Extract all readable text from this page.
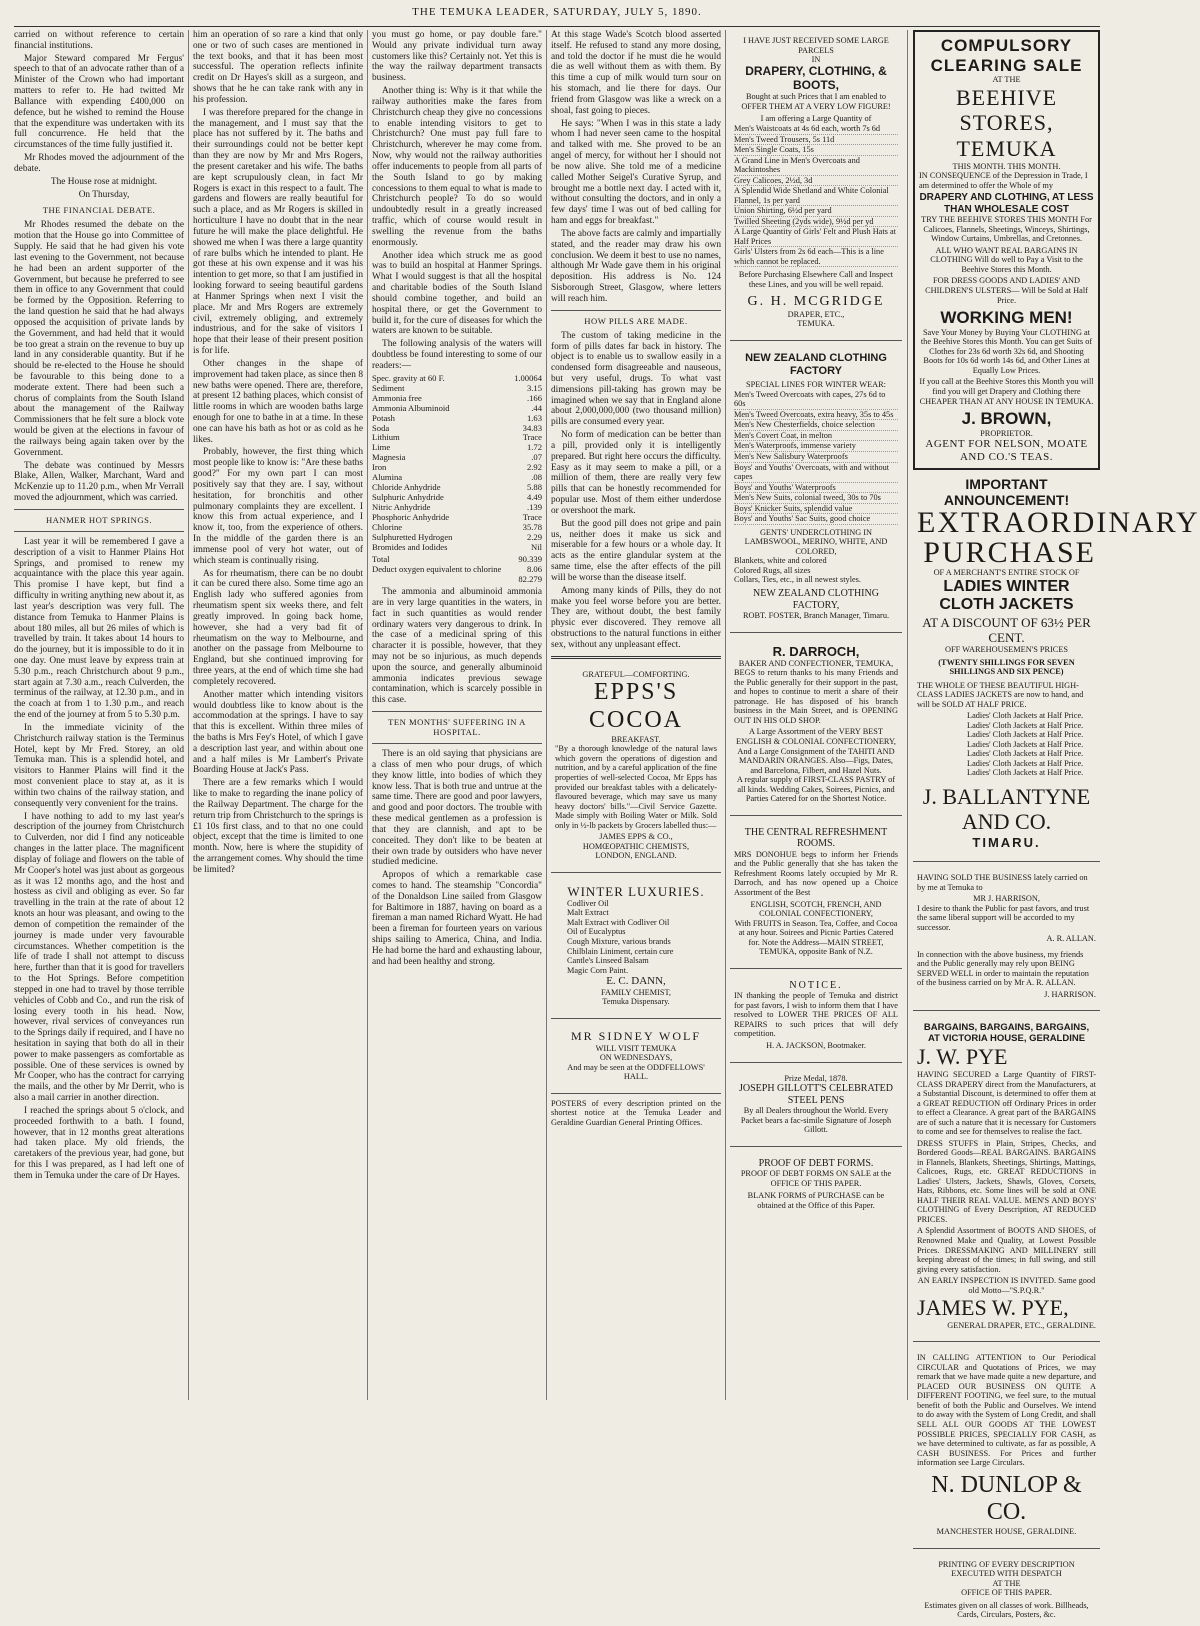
THE TEMUKA LEADER, SATURDAY, JULY 5, 1890.

carried on without reference to certain financial institutions.

Major Steward compared Mr Fergus' speech to that of an advocate rather than of a Minister of the Crown who had important matters to refer to. He had twitted Mr Ballance with expending £400,000 on defence, but he wished to remind the House that the expenditure was undertaken with its full concurrence. He held that the circumstances of the time fully justified it.

Mr Rhodes moved the adjournment of the debate.

The House rose at midnight.

On Thursday,

THE FINANCIAL DEBATE.

Mr Rhodes resumed the debate on the motion that the House go into Committee of Supply. He said that he had given his vote last evening to the Government, not because he had been an ardent supporter of the Government, but because he preferred to see them in office to any Government that could be formed by the Opposition. Referring to the land question he said that he had always opposed the acquisition of private lands by the Government, and had held that it would be too great a strain on the revenue to buy up land in any considerable quantity. But if he should be re-elected to the House he should be favourable to this being done to a moderate extent. There had been such a chorus of complaints from the South Island about the management of the Railway Commissioners that he felt sure a block vote would be given at the elections in favour of the railways being again taken over by the Government.

The debate was continued by Messrs Blake, Allen, Walker, Marchant, Ward and McKenzie up to 11.20 p.m., when Mr Verrall moved the adjournment, which was carried.

HANMER HOT SPRINGS.

Last year it will be remembered I gave a description of a visit to Hanmer Plains Hot Springs, and promised to renew my acquaintance with the place this year again. This promise I have kept, but find a difficulty in writing anything new about it, as last year's description was very full. The distance from Temuka to Hanmer Plains is about 180 miles, all but 26 miles of which is travelled by train. It takes about 14 hours to do the journey, but it is impossible to do it in one day. One must leave by express train at 5.30 p.m., reach Christchurch about 9 p.m., start again at 7.30 a.m., reach Culverden, the terminus of the railway, at 12.30 p.m., and in the coach at from 1 to 1.30 p.m., and reach the end of the journey at from 5 to 5.30 p.m.

In the immediate vicinity of the Christchurch railway station is the Terminus Hotel, kept by Mr Fred. Storey, an old Temuka man. This is a splendid hotel, and visitors to Hanmer Plains will find it the most convenient place to stay at, as it is within two chains of the railway station, and consequently very convenient for the trains.

I have nothing to add to my last year's description of the journey from Christchurch to Culverden, nor did I find any noticeable changes in the latter place. The magnificent display of foliage and flowers on the table of Mr Cooper's hotel was just about as gorgeous as it was 12 months ago, and the host and hostess as civil and obliging as ever. So far travelling in the train at the rate of about 12 knots an hour was pleasant, and owing to the demon of competition the remainder of the journey is made under very favourable circumstances. Whether competition is the life of trade I shall not attempt to discuss here, further than that it is good for travellers to the Hot Springs. Before competition stepped in one had to travel by those terrible vehicles of Cobb and Co., and run the risk of losing every tooth in his head. Now, however, rival services of conveyances run to the Springs daily if required, and I have no hesitation in saying that both do all in their power to make passengers as comfortable as possible. One of these services is owned by Mr Cooper, who has the contract for carrying the mails, and the other by Mr Derrit, who is also a mail carrier in another direction.

I reached the springs about 5 o'clock, and proceeded forthwith to a bath. I found, however, that in 12 months great alterations had taken place. My old friends, the caretakers of the previous year, had gone, but for this I was prepared, as I had left one of them in Temuka under the care of Dr Hayes.

him an operation of so rare a kind that only one or two of such cases are mentioned in the text books, and that it has been most successful. The operation reflects infinite credit on Dr Hayes's skill as a surgeon, and shows that he he can take rank with any in his profession.

I was therefore prepared for the change in the management, and I must say that the place has not suffered by it. The baths and their surroundings could not be better kept than they are now by Mr and Mrs Rogers, the present caretaker and his wife. The baths are kept scrupulously clean, in fact Mr Rogers is exact in this respect to a fault. The gardens and flowers are really beautiful for such a place, and as Mr Rogers is skilled in horticulture I have no doubt that in the near future he will make the place delightful. He showed me when I was there a large quantity of rare bulbs which he intended to plant. He got these at his own expense and it was his intention to get more, so that I am justified in looking forward to seeing beautiful gardens at Hanmer Springs when next I visit the place. Mr and Mrs Rogers are extremely civil, extremely obliging, and extremely industrious, and for the sake of visitors I hope that their lease of their present position is for life.

Other changes in the shape of improvement had taken place, as since then 8 new baths were opened. There are, therefore, at present 12 bathing places, which consist of little rooms in which are wooden baths large enough for one to bathe in at a time. In these one can have his bath as hot or as cold as he likes.

Probably, however, the first thing which most people like to know is: "Are these baths good?" For my own part I can most positively say that they are. I say, without hesitation, for bronchitis and other pulmonary complaints they are excellent. I know this from actual experience, and I know it, too, from the experience of others. In the middle of the garden there is an immense pool of very hot water, out of which steam is continually rising.

As for rheumatism, there can be no doubt it can be cured there also. Some time ago an English lady who suffered agonies from rheumatism spent six weeks there, and felt greatly improved. In going back home, however, she had a very bad fit of rheumatism on the way to Melbourne, and another on the passage from Melbourne to England, but she continued improving for three years, at the end of which time she had completely recovered.

Another matter which intending visitors would doubtless like to know about is the accommodation at the springs. I have to say that this is excellent. Within three miles of the baths is Mrs Fey's Hotel, of which I gave a description last year, and within about one and a half miles is Mr Lambert's Private Boarding House at Jack's Pass.

There are a few remarks which I would like to make to regarding the inane policy of the Railway Department. The charge for the return trip from Christchurch to the springs is £1 10s first class, and to that no one could object, except that the time is limited to one month. Now, here is where the stupidity of the arrangement comes. Why should the time be limited?

you must go home, or pay double fare." Would any private individual turn away customers like this? Certainly not. Yet this is the way the railway department transacts business.

Another thing is: Why is it that while the railway authorities make the fares from Christchurch cheap they give no concessions to enable intending visitors to get to Christchurch? One must pay full fare to Christchurch, wherever he may come from. Now, why would not the railway authorities offer inducements to people from all parts of the South Island to go by making concessions to them equal to what is made to Christchurch people? To do so would undoubtedly result in a greatly increased traffic, which of course would result in swelling the revenue from the baths enormously.

Another idea which struck me as good was to build an hospital at Hanmer Springs. What I would suggest is that all the hospital and charitable bodies of the South Island should combine together, and build an hospital there, or get the Government to build it, for the cure of diseases for which the waters are known to be suitable.

The following analysis of the waters will doubtless be found interesting to some of our readers:—

Spec. gravity at 60 F.	1.00064
Sediment	3.15
Ammonia free	.166
Ammonia Albuminoid	.44
Potash	1.63
Soda	34.83
Lithium	Trace
Lime	1.72
Magnesia	.07
Iron	2.92
Alumina	.08
Chloride Anhydride	5.88
Sulphuric Anhydride	4.49
Nitric Anhydride	.139
Phosphoric Anhydride	Trace
Chlorine	35.78
Sulphuretted Hydrogen	2.29
Bromides and Iodides	Nil
Total	90.339
Deduct oxygen equivalent to chlorine	8.06
	82.279

The ammonia and albuminoid ammonia are in very large quantities in the waters, in fact in such quantities as would render ordinary waters very dangerous to drink. In the case of a medicinal spring of this character it is possible, however, that they may not be so injurious, as much depends upon the source, and generally albuminoid ammonia indicates previous sewage contamination, which is scarcely possible in this case.

TEN MONTHS' SUFFERING IN A HOSPITAL.

There is an old saying that physicians are a class of men who pour drugs, of which they know little, into bodies of which they know less. That is both true and untrue at the same time. There are good and poor lawyers, and good and poor doctors. The trouble with these medical gentlemen as a profession is that they are clannish, and apt to be conceited. They don't like to be beaten at their own trade by outsiders who have never studied medicine.

Apropos of which a remarkable case comes to hand. The steamship "Concordia" of the Donaldson Line sailed from Glasgow for Baltimore in 1887, having on board as a fireman a man named Richard Wyatt. He had been a fireman for fourteen years on various ships sailing to America, China, and India. He had borne the hard and exhausting labour, and had been healthy and strong.

At this stage Wade's Scotch blood asserted itself. He refused to stand any more dosing, and told the doctor if he must die he would die as well without them as with them. By this time a cup of milk would turn sour on his stomach, and lie there for days. Our friend from Glasgow was like a wreck on a shoal, fast going to pieces.

He says: "When I was in this state a lady whom I had never seen came to the hospital and talked with me. She proved to be an angel of mercy, for without her I should not be now alive. She told me of a medicine called Mother Seigel's Curative Syrup, and brought me a bottle next day. I acted with it, without consulting the doctors, and in only a few days' time I was out of bed calling for ham and eggs for breakfast."

The above facts are calmly and impartially stated, and the reader may draw his own conclusion. We deem it best to use no names, although Mr Wade gave them in his original deposition. His address is No. 124 Sisborough Street, Glasgow, where letters will reach him.

HOW PILLS ARE MADE.

The custom of taking medicine in the form of pills dates far back in history. The object is to enable us to swallow easily in a condensed form disagreeable and nauseous, but very useful, drugs. To what vast dimensions pill-taking has grown may be imagined when we say that in England alone about 2,000,000,000 (two thousand million) pills are consumed every year.

No form of medication can be better than a pill, provided only it is intelligently prepared. But right here occurs the difficulty. Easy as it may seem to make a pill, or a million of them, there are really very few pills that can be honestly recommended for popular use. Most of them either underdose or overshoot the mark.

But the good pill does not gripe and pain us, neither does it make us sick and miserable for a few hours or a whole day. It acts as the entire glandular system at the same time, else the after effects of the pill will be worse than the disease itself.

Among many kinds of Pills, they do not make you feel worse before you are better. They are, without doubt, the best family physic ever discovered. They remove all obstructions to the natural functions in either sex, without any unpleasant effect.

GRATEFUL—COMFORTING.
EPPS'S COCOA
BREAKFAST.

"By a thorough knowledge of the natural laws which govern the operations of digestion and nutrition, and by a careful application of the fine properties of well-selected Cocoa, Mr Epps has provided our breakfast tables with a delicately-flavoured beverage, which may save us many heavy doctors' bills."—Civil Service Gazette. Made simply with Boiling Water or Milk. Sold only in ½-lb packets by Grocers labelled thus:—

JAMES EPPS & CO.,
HOMŒOPATHIC CHEMISTS,
LONDON, ENGLAND.
WINTER LUXURIES.
Codliver Oil
Malt Extract
Malt Extract with Codliver Oil
Oil of Eucalyptus
Cough Mixture, various brands
Chilblain Liniment, certain cure
Cantle's Linseed Balsam
Magic Corn Paint.
E. C. DANN,
FAMILY CHEMIST,
Temuka Dispensary.
MR SIDNEY WOLF
WILL VISIT TEMUKA
ON WEDNESDAYS,
And may be seen at the ODDFELLOWS' HALL.

POSTERS of every description printed on the shortest notice at the Temuka Leader and Geraldine Guardian General Printing Offices.

I HAVE JUST RECEIVED SOME LARGE PARCELS
IN
DRAPERY, CLOTHING, & BOOTS,
Bought at such Prices that I am enabled to OFFER THEM AT A VERY LOW FIGURE!
I am offering a Large Quantity of
Men's Waistcoats at 4s 6d each, worth 7s 6d
Men's Tweed Trousers, 5s 11d
Men's Single Coats, 15s
A Grand Line in Men's Overcoats and Mackintoshes
Grey Calicoes, 2½d, 3d
A Splendid Wide Shetland and White Colonial Flannel, 1s per yard
Union Shirting, 6½d per yard
Twilled Sheeting (2yds wide), 9½d per yd
A Large Quantity of Girls' Felt and Plush Hats at Half Prices
Girls' Ulsters from 2s 6d each—This is a line which cannot be replaced.
Before Purchasing Elsewhere Call and Inspect these Lines, and you will be well repaid.
G. H. MCGRIDGE
DRAPER, ETC.,
TEMUKA.
NEW ZEALAND CLOTHING FACTORY
SPECIAL LINES FOR WINTER WEAR:
Men's Tweed Overcoats with capes, 27s 6d to 60s
Men's Tweed Overcoats, extra heavy, 35s to 45s
Men's New Chesterfields, choice selection
Men's Covert Coat, in melton
Men's Waterproofs, immense variety
Men's New Salisbury Waterproofs
Boys' and Youths' Overcoats, with and without capes
Boys' and Youths' Waterproofs
Men's New Suits, colonial tweed, 30s to 70s
Boys' Knicker Suits, splendid value
Boys' and Youths' Sac Suits, good choice
GENTS' UNDERCLOTHING IN LAMBSWOOL, MERINO, WHITE, AND COLORED,
Blankets, white and colored
Colored Rugs, all sizes
Collars, Ties, etc., in all newest styles.
NEW ZEALAND CLOTHING FACTORY,
ROBT. FOSTER, Branch Manager, Timaru.
R. DARROCH,
BAKER AND CONFECTIONER, TEMUKA,

BEGS to return thanks to his many Friends and the Public generally for their support in the past, and hopes to continue to merit a share of their patronage. He has disposed of his branch business in the Main Street, and is OPENING OUT IN HIS OLD SHOP.

A Large Assortment of the VERY BEST ENGLISH & COLONIAL CONFECTIONERY,
And a Large Consignment of the TAHITI AND MANDARIN ORANGES. Also—Figs, Dates, and Barcelona, Filbert, and Hazel Nuts.
A regular supply of FIRST-CLASS PASTRY of all kinds. Wedding Cakes, Soirees, Picnics, and Parties Catered for on the Shortest Notice.
THE CENTRAL REFRESHMENT ROOMS.

MRS DONOHUE begs to inform her Friends and the Public generally that she has taken the Refreshment Rooms lately occupied by Mr R. Darroch, and has now opened up a Choice Assortment of the Best

ENGLISH, SCOTCH, FRENCH, AND COLONIAL CONFECTIONERY,
With FRUITS in Season. Tea, Coffee, and Cocoa at any hour. Soirees and Picnic Parties Catered for. Note the Address—MAIN STREET, TEMUKA, opposite Bank of N.Z.
NOTICE.

IN thanking the people of Temuka and district for past favors, I wish to inform them that I have resolved to LOWER THE PRICES OF ALL REPAIRS to such prices that will defy competition.

H. A. JACKSON, Bootmaker.
Prize Medal, 1878.
JOSEPH GILLOTT'S CELEBRATED STEEL PENS
By all Dealers throughout the World. Every Packet bears a fac-simile Signature of Joseph Gillott.
PROOF OF DEBT FORMS.
PROOF OF DEBT FORMS ON SALE at the OFFICE OF THIS PAPER.
BLANK FORMS of PURCHASE can be obtained at the Office of this Paper.
COMPULSORY CLEARING SALE
AT THE
BEEHIVE STORES, TEMUKA
THIS MONTH. THIS MONTH.

IN CONSEQUENCE of the Depression in Trade, I am determined to offer the Whole of my

DRAPERY AND CLOTHING, AT LESS THAN WHOLESALE COST
TRY THE BEEHIVE STORES THIS MONTH For Calicoes, Flannels, Sheetings, Winceys, Shirtings, Window Curtains, Umbrellas, and Cretonnes.
ALL WHO WANT REAL BARGAINS IN CLOTHING Will do well to Pay a Visit to the Beehive Stores this Month.
FOR DRESS GOODS AND LADIES' AND CHILDREN'S ULSTERS— Will be Sold at Half Price.
WORKING MEN!
Save Your Money by Buying Your CLOTHING at the Beehive Stores this Month. You can get Suits of Clothes for 23s 6d worth 32s 6d, and Shooting Boots for 10s 6d worth 14s 6d, and Other Lines at Equally Low Prices.
If you call at the Beehive Stores this Month you will find you will get Drapery and Clothing there CHEAPER THAN AT ANY HOUSE IN TEMUKA.
J. BROWN,
PROPRIETOR.
AGENT FOR NELSON, MOATE AND CO.'S TEAS.
IMPORTANT ANNOUNCEMENT!
EXTRAORDINARY
PURCHASE
OF A MERCHANT'S ENTIRE STOCK OF
LADIES WINTER CLOTH JACKETS
AT A DISCOUNT OF 63½ PER CENT.
OFF WAREHOUSEMEN'S PRICES
(TWENTY SHILLINGS FOR SEVEN SHILLINGS AND SIX PENCE)

THE WHOLE OF THESE BEAUTIFUL HIGH-CLASS LADIES JACKETS are now to hand, and will be SOLD AT HALF PRICE.

Ladies' Cloth Jackets at Half Price.
Ladies' Cloth Jackets at Half Price.
Ladies' Cloth Jackets at Half Price.
Ladies' Cloth Jackets at Half Price.
Ladies' Cloth Jackets at Half Price.
Ladies' Cloth Jackets at Half Price.
Ladies' Cloth Jackets at Half Price.
J. BALLANTYNE AND CO.
TIMARU.

HAVING SOLD THE BUSINESS lately carried on by me at Temuka to

MR J. HARRISON,

I desire to thank the Public for past favors, and trust the same liberal support will be accorded to my successor.

A. R. ALLAN.

In connection with the above business, my friends and the Public generally may rely upon BEING SERVED WELL in order to maintain the reputation of the business carried on by Mr A. R. ALLAN.

J. HARRISON.
BARGAINS, BARGAINS, BARGAINS, AT VICTORIA HOUSE, GERALDINE
J. W. PYE

HAVING SECURED a Large Quantity of FIRST-CLASS DRAPERY direct from the Manufacturers, at a Substantial Discount, is determined to offer them at a GREAT REDUCTION off Ordinary Prices in order to effect a Clearance. A great part of the BARGAINS are of such a nature that it is necessary for Customers to come and see for themselves to realise the fact.

DRESS STUFFS in Plain, Stripes, Checks, and Bordered Goods—REAL BARGAINS. BARGAINS in Flannels, Blankets, Sheetings, Shirtings, Mattings, Calicoes, Rugs, etc. GREAT REDUCTIONS in Ladies' Ulsters, Jackets, Shawls, Gloves, Corsets, Hats, Ribbons, etc. Some lines will be sold at ONE HALF THEIR REAL VALUE. MEN'S AND BOYS' CLOTHING of Every Description, AT REDUCED PRICES.

A Splendid Assortment of BOOTS AND SHOES, of Renowned Make and Quality, at Lowest Possible Prices. DRESSMAKING AND MILLINERY still keeping abreast of the times; in full swing, and still giving every satisfaction.

AN EARLY INSPECTION IS INVITED. Same good old Motto—"S.P.Q.R."
JAMES W. PYE,
GENERAL DRAPER, ETC., GERALDINE.

IN CALLING ATTENTION to Our Periodical CIRCULAR and Quotations of Prices, we may remark that we have made quite a new departure, and PLACED OUR BUSINESS ON QUITE A DIFFERENT FOOTING, we feel sure, to the mutual benefit of both the Public and Ourselves. We intend to do away with the System of Long Credit, and shall SELL ALL OUR GOODS AT THE LOWEST POSSIBLE PRICES, SPECIALLY FOR CASH, as we have determined to cultivate, as far as possible, A CASH BUSINESS. For Prices and further information see Large Circulars.

N. DUNLOP & CO.
MANCHESTER HOUSE, GERALDINE.
PRINTING OF EVERY DESCRIPTION EXECUTED WITH DESPATCH
AT THE
OFFICE OF THIS PAPER.
Estimates given on all classes of work. Billheads, Cards, Circulars, Posters, &c.
